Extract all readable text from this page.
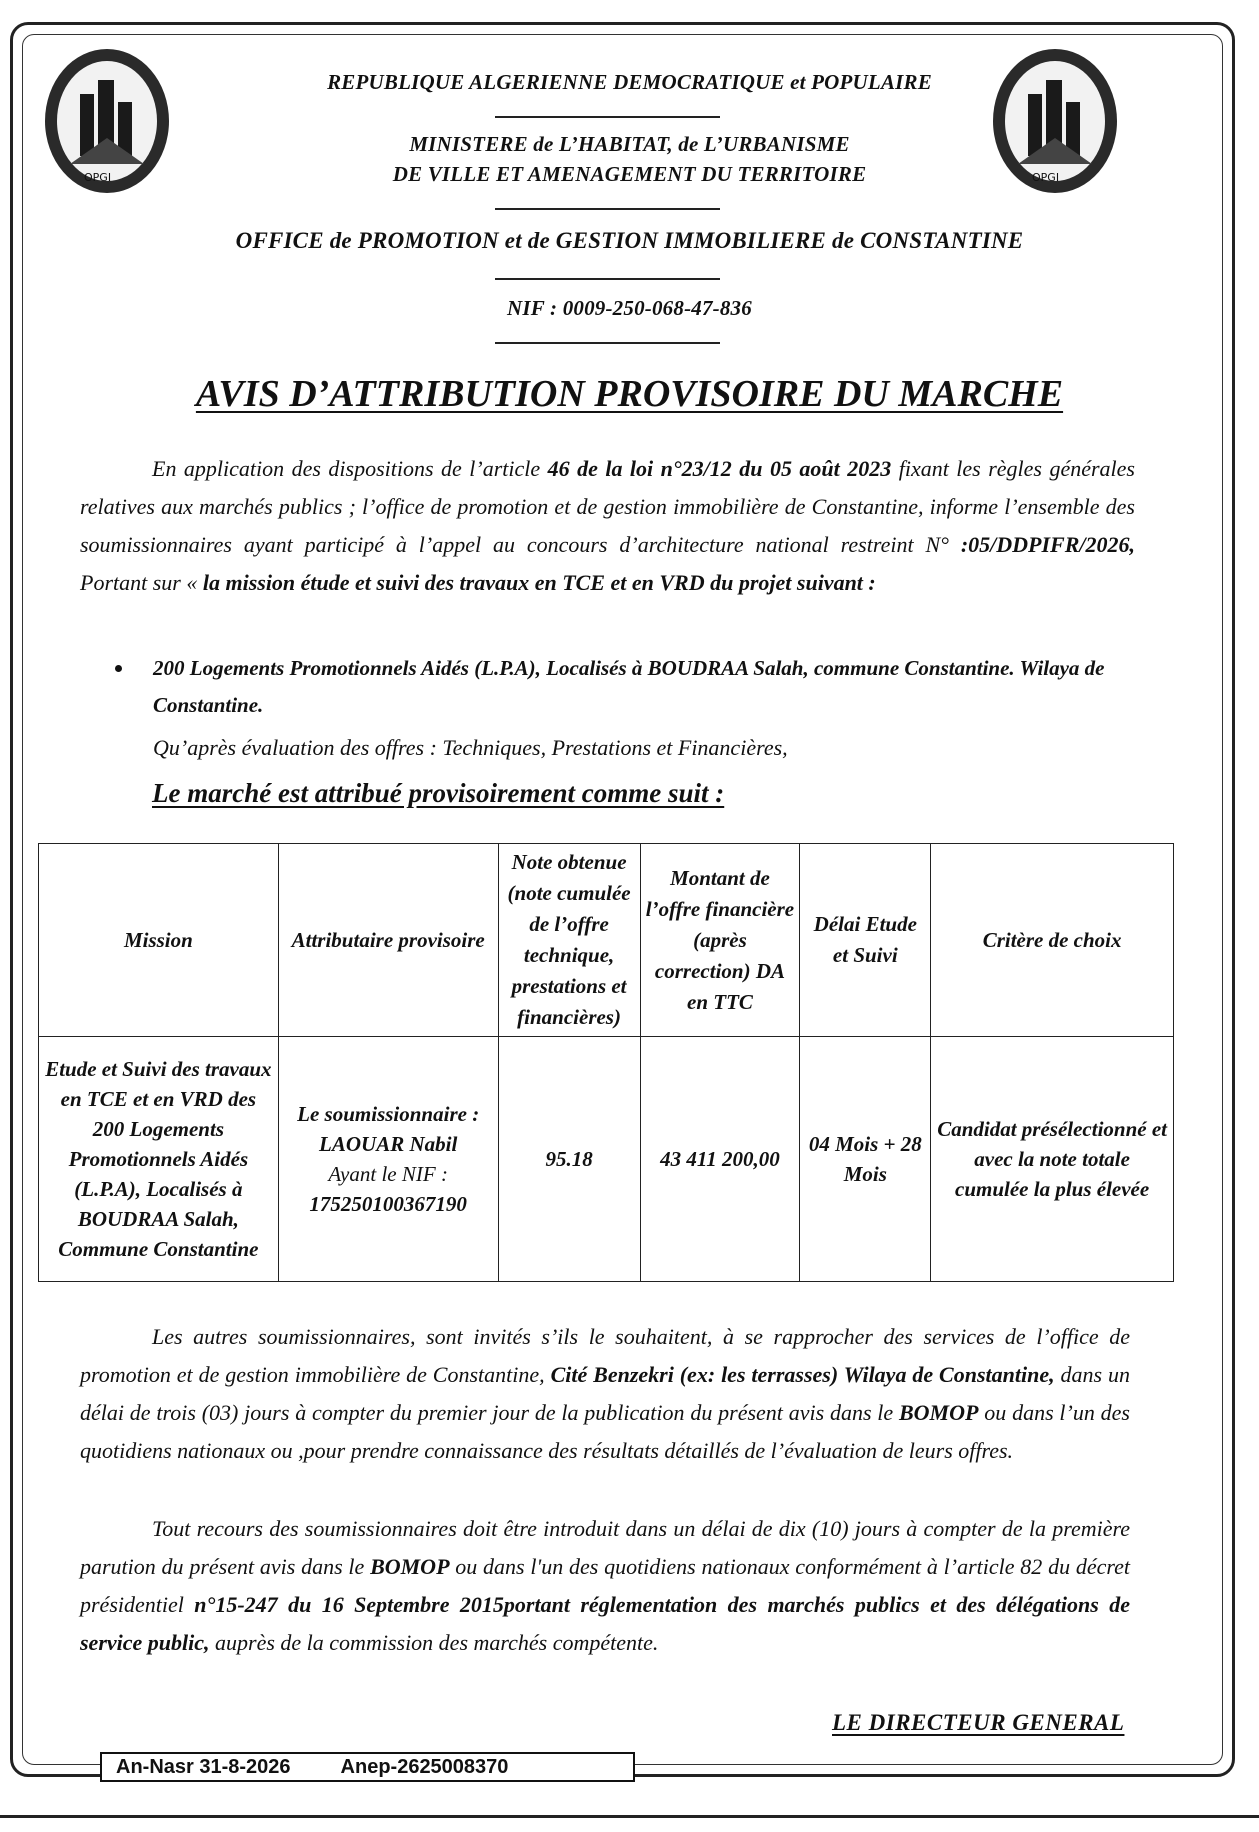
OPGI	OPGI
REPUBLIQUE ALGERIENNE DEMOCRATIQUE et POPULAIRE
MINISTERE de L’HABITAT, de L’URBANISME
DE VILLE ET AMENAGEMENT DU TERRITOIRE
OFFICE de PROMOTION et de GESTION IMMOBILIERE de CONSTANTINE
NIF : 0009-250-068-47-836
AVIS D’ATTRIBUTION PROVISOIRE DU MARCHE
En application des dispositions de l’article 46 de la loi n°23/12 du 05 août 2023 fixant les règles générales relatives aux marchés publics ; l’office de promotion et de gestion immobilière de Constantine, informe l’ensemble des soumissionnaires ayant participé à l’appel au concours d’architecture national restreint N° :05/DDPIFR/2026, Portant sur « la mission étude et suivi des travaux en TCE et en VRD du projet suivant :
200 Logements Promotionnels Aidés (L.P.A), Localisés à BOUDRAA Salah, commune Constantine. Wilaya de Constantine.
Qu’après évaluation des offres : Techniques, Prestations et Financières,
Le marché est attribué provisoirement comme suit :
Mission	Attributaire provisoire	Note obtenue (note cumulée de l’offre technique, prestations et financières)	Montant de l’offre financière (après correction) DA en TTC	Délai Etude et Suivi	Critère de choix
Etude et Suivi des travaux en TCE et en VRD des 200 Logements Promotionnels Aidés (L.P.A), Localisés à BOUDRAA Salah, Commune Constantine	Le soumissionnaire :
LAOUAR Nabil
Ayant le NIF :
175250100367190	95.18	43 411 200,00	04 Mois + 28 Mois	Candidat présélectionné et avec la note totale cumulée la plus élevée
Les autres soumissionnaires, sont invités s’ils le souhaitent, à se rapprocher des services de l’office de promotion et de gestion immobilière de Constantine, Cité Benzekri (ex: les terrasses) Wilaya de Constantine, dans un délai de trois (03) jours à compter du premier jour de la publication du présent avis dans le BOMOP ou dans l’un des quotidiens nationaux ou ,pour prendre connaissance des résultats détaillés de l’évaluation de leurs offres.
Tout recours des soumissionnaires doit être introduit dans un délai de dix (10) jours à compter de la première parution du présent avis dans le BOMOP ou dans l'un des quotidiens nationaux conformément à l’article 82 du décret présidentiel n°15-247 du 16 Septembre 2015portant réglementation des marchés publics et des délégations de service public, auprès de la commission des marchés compétente.
LE DIRECTEUR GENERAL
An-Nasr 31-8-2026	Anep-2625008370
